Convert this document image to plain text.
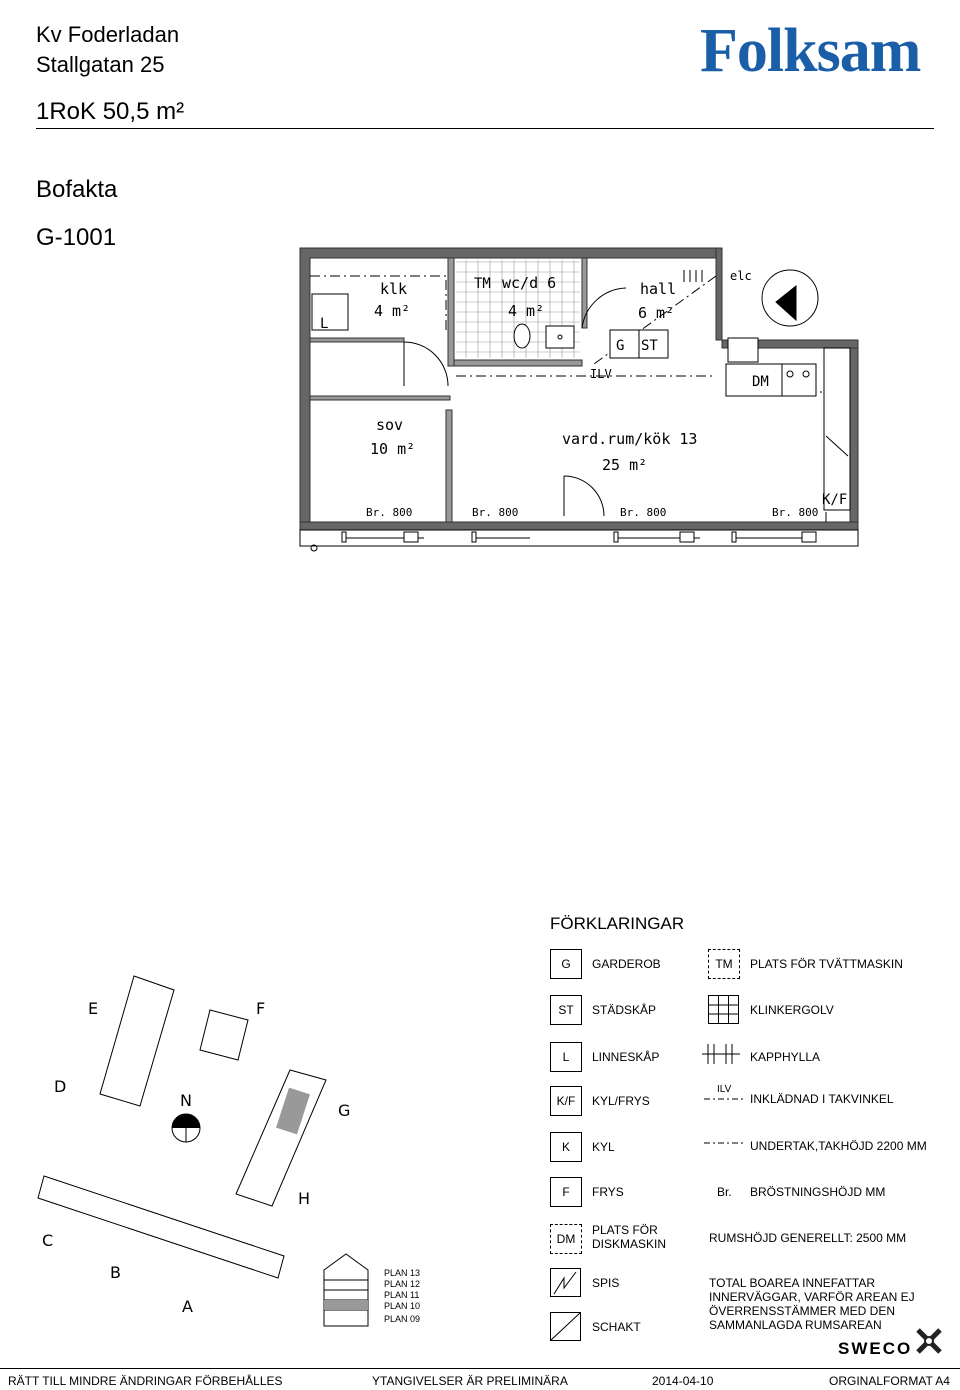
Kv Foderladan
Stallgatan 25
1RoK 50,5 m²
Folksam
Bofakta
G-1001
klk
4 m²
wc/d 6
4 m²
hall
6 m²
sov
10 m²
vard.rum/kök 13
25 m²
L
TM
G ST
ILV	DM
K/F
elc
Br. 800	Br. 800	Br. 800	Br. 800
FÖRKLARINGAR
G	GARDEROB
ST	STÄDSKÅP
L	LINNESKÅP
K/F	KYL/FRYS
K	KYL
F	FRYS
DM
PLATS FÖR DISKMASKIN
SPIS
SCHAKT
TM	PLATS FÖR TVÄTTMASKIN
KLINKERGOLV
KAPPHYLLA
ILV
INKLÄDNAD I TAKVINKEL
UNDERTAK,TAKHÖJD 2200 MM
Br. BRÖSTNINGSHÖJD MM
RUMSHÖJD GENERELLT: 2500 MM
TOTAL BOAREA INNEFATTAR INNERVÄGGAR, VARFÖR AREAN EJ ÖVERRENSSTÄMMER MED DEN SAMMANLAGDA RUMSAREAN
E	F
D
G
H
C
B
A
N
PLAN 13
PLAN 12
PLAN 11
PLAN 10
PLAN 09
SWECO
RÄTT TILL MINDRE ÄNDRINGAR FÖRBEHÅLLES	YTANGIVELSER ÄR PRELIMINÄRA	2014-04-10	ORGINALFORMAT A4
